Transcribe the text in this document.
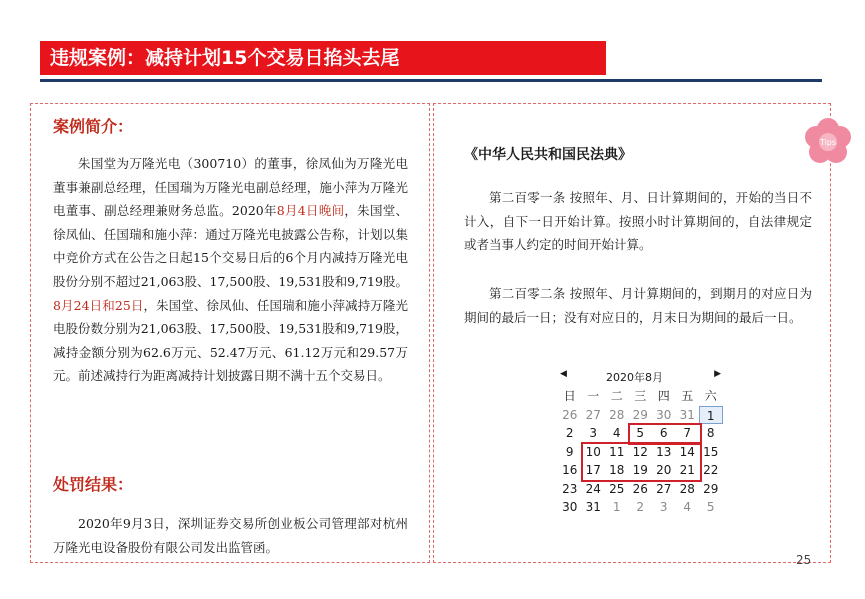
违规案例：减持计划15个交易日掐头去尾
案例简介：
朱国堂为万隆光电（300710）的董事，徐凤仙为万隆光电董事兼副总经理，任国瑞为万隆光电副总经理，施小萍为万隆光电董事、副总经理兼财务总监。2020年8月4日晚间，朱国堂、徐凤仙、任国瑞和施小萍：通过万隆光电披露公告称，计划以集中竞价方式在公告之日起15个交易日后的6个月内减持万隆光电股份分别不超过21,063股、17,500股、19,531股和9,719股。8月24日和25日，朱国堂、徐凤仙、任国瑞和施小萍减持万隆光电股份数分别为21,063股、17,500股、19,531股和9,719股，减持金额分别为62.6万元、52.47万元、61.12万元和29.57万元。前述减持行为距离减持计划披露日期不满十五个交易日。
处罚结果：
2020年9月3日，深圳证券交易所创业板公司管理部对杭州万隆光电设备股份有限公司发出监管函。
《中华人民共和国民法典》
第二百零一条 按照年、月、日计算期间的，开始的当日不计入，自下一日开始计算。按照小时计算期间的，自法律规定或者当事人约定的时间开始计算。
第二百零二条 按照年、月计算期间的，到期月的对应日为期间的最后一日；没有对应日的，月末日为期间的最后一日。
Tips
◀	2020年8月	▶
日 一 二 三 四 五 六
26 27 28 29 30 31	1
2	3	4	5	6	7	8
9	10 11 12 13 14 15
16 17 18 19 20 21 22
23 24 25 26 27 28 29
30 31	1	2	3	4	5
25
